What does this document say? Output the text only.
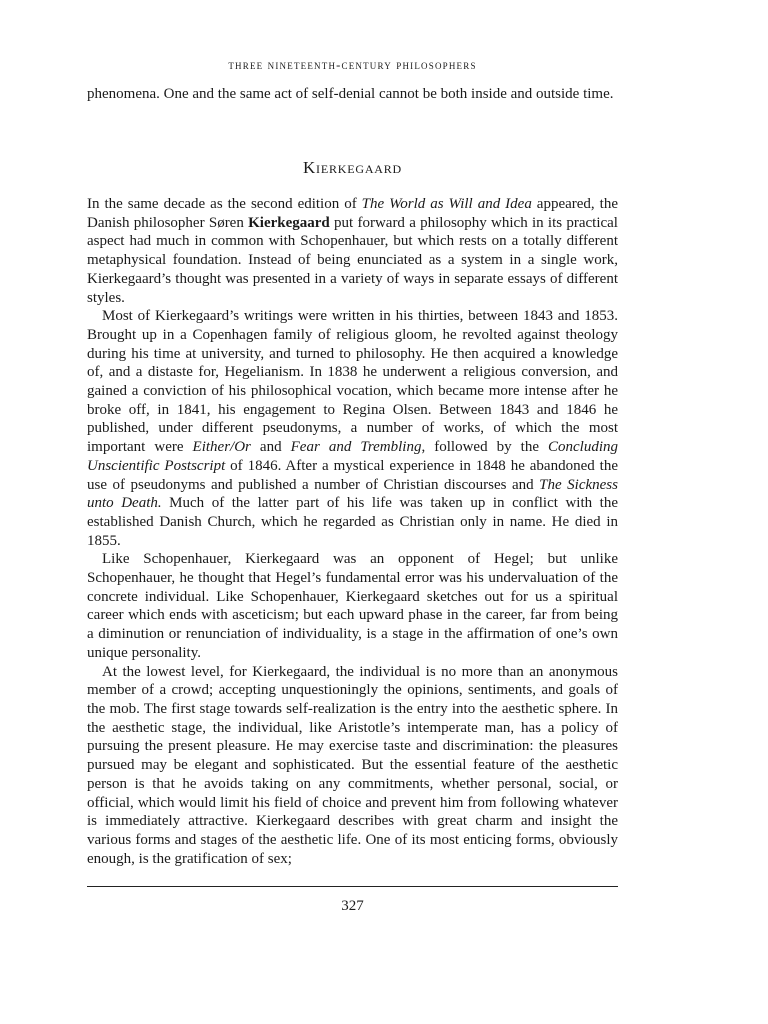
three nineteenth-century philosophers

phenomena. One and the same act of self-denial cannot be both inside and outside time.

Kierkegaard

In the same decade as the second edition of The World as Will and Idea appeared, the Danish philosopher Søren Kierkegaard put forward a philosophy which in its practical aspect had much in common with Schopenhauer, but which rests on a totally different metaphysical foundation. Instead of being enunciated as a system in a single work, Kierkegaard’s thought was presented in a variety of ways in separate essays of different styles.

Most of Kierkegaard’s writings were written in his thirties, between 1843 and 1853. Brought up in a Copenhagen family of religious gloom, he revolted against theology during his time at university, and turned to philosophy. He then acquired a knowledge of, and a distaste for, Hegelianism. In 1838 he underwent a religious conversion, and gained a conviction of his philosophical vocation, which became more intense after he broke off, in 1841, his engagement to Regina Olsen. Between 1843 and 1846 he published, under different pseudonyms, a number of works, of which the most important were Either/Or and Fear and Trembling, followed by the Concluding Unscientific Postscript of 1846. After a mystical experience in 1848 he abandoned the use of pseudonyms and published a number of Christian discourses and The Sickness unto Death. Much of the latter part of his life was taken up in conflict with the established Danish Church, which he regarded as Christian only in name. He died in 1855.

Like Schopenhauer, Kierkegaard was an opponent of Hegel; but unlike Schopenhauer, he thought that Hegel’s fundamental error was his undervaluation of the concrete individual. Like Schopenhauer, Kierkegaard sketches out for us a spiritual career which ends with asceticism; but each upward phase in the career, far from being a diminution or renunciation of individuality, is a stage in the affirmation of one’s own unique personality.

At the lowest level, for Kierkegaard, the individual is no more than an anonymous member of a crowd; accepting unquestioningly the opinions, sentiments, and goals of the mob. The first stage towards self-realization is the entry into the aesthetic sphere. In the aesthetic stage, the individual, like Aristotle’s intemperate man, has a policy of pursuing the present pleasure. He may exercise taste and discrimination: the pleasures pursued may be elegant and sophisticated. But the essential feature of the aesthetic person is that he avoids taking on any commitments, whether personal, social, or official, which would limit his field of choice and prevent him from following whatever is immediately attractive. Kierkegaard describes with great charm and insight the various forms and stages of the aesthetic life. One of its most enticing forms, obviously enough, is the gratification of sex;

327
